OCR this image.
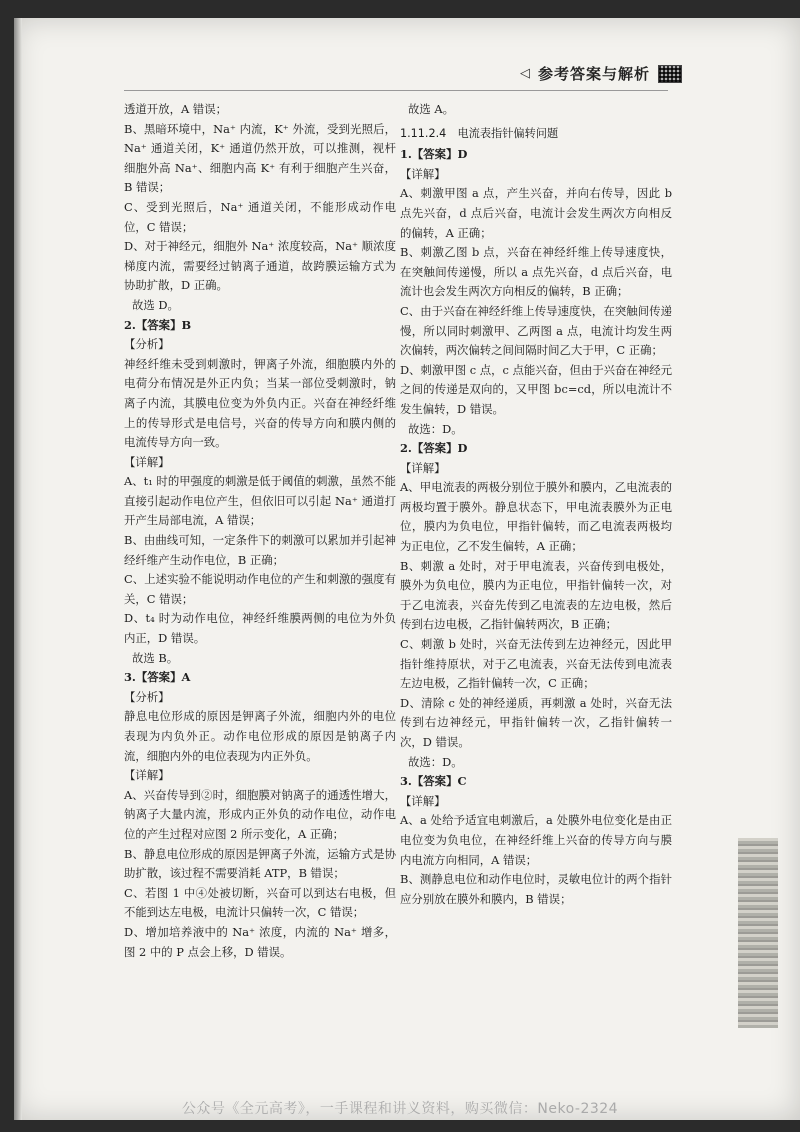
◁ 参考答案与解析

透道开放，A 错误；

B、黑暗环境中，Na⁺ 内流，K⁺ 外流，受到光照后，Na⁺ 通道关闭，K⁺ 通道仍然开放，可以推测，视杆细胞外高 Na⁺、细胞内高 K⁺ 有利于细胞产生兴奋，B 错误；

C、受到光照后，Na⁺ 通道关闭，不能形成动作电位，C 错误；

D、对于神经元，细胞外 Na⁺ 浓度较高，Na⁺ 顺浓度梯度内流，需要经过钠离子通道，故跨膜运输方式为协助扩散，D 正确。

故选 D。

2.【答案】B

【分析】

神经纤维未受到刺激时，钾离子外流，细胞膜内外的电荷分布情况是外正内负；当某一部位受刺激时，钠离子内流，其膜电位变为外负内正。兴奋在神经纤维上的传导形式是电信号，兴奋的传导方向和膜内侧的电流传导方向一致。

【详解】

A、t₁ 时的甲强度的刺激是低于阈值的刺激，虽然不能直接引起动作电位产生，但依旧可以引起 Na⁺ 通道打开产生局部电流，A 错误；

B、由曲线可知，一定条件下的刺激可以累加并引起神经纤维产生动作电位，B 正确；

C、上述实验不能说明动作电位的产生和刺激的强度有关，C 错误；

D、t₄ 时为动作电位，神经纤维膜两侧的电位为外负内正，D 错误。

故选 B。

3.【答案】A

【分析】

静息电位形成的原因是钾离子外流，细胞内外的电位表现为内负外正。动作电位形成的原因是钠离子内流，细胞内外的电位表现为内正外负。

【详解】

A、兴奋传导到②时，细胞膜对钠离子的通透性增大，钠离子大量内流，形成内正外负的动作电位，动作电位的产生过程对应图 2 所示变化，A 正确；

B、静息电位形成的原因是钾离子外流，运输方式是协助扩散，该过程不需要消耗 ATP，B 错误；

C、若图 1 中④处被切断，兴奋可以到达右电极，但不能到达左电极，电流计只偏转一次，C 错误；

D、增加培养液中的 Na⁺ 浓度，内流的 Na⁺ 增多，图 2 中的 P 点会上移，D 错误。

故选 A。

1.11.2.4　电流表指针偏转问题

1.【答案】D

【详解】

A、刺激甲图 a 点，产生兴奋，并向右传导，因此 b 点先兴奋，d 点后兴奋，电流计会发生两次方向相反的偏转，A 正确；

B、刺激乙图 b 点，兴奋在神经纤维上传导速度快，在突触间传递慢，所以 a 点先兴奋，d 点后兴奋，电流计也会发生两次方向相反的偏转，B 正确；

C、由于兴奋在神经纤维上传导速度快，在突触间传递慢，所以同时刺激甲、乙两图 a 点，电流计均发生两次偏转，两次偏转之间间隔时间乙大于甲，C 正确；

D、刺激甲图 c 点，c 点能兴奋，但由于兴奋在神经元之间的传递是双向的，又甲图 bc=cd，所以电流计不发生偏转，D 错误。

故选：D。

2.【答案】D

【详解】

A、甲电流表的两极分别位于膜外和膜内，乙电流表的两极均置于膜外。静息状态下，甲电流表膜外为正电位，膜内为负电位，甲指针偏转，而乙电流表两极均为正电位，乙不发生偏转，A 正确；

B、刺激 a 处时，对于甲电流表，兴奋传到电极处，膜外为负电位，膜内为正电位，甲指针偏转一次，对于乙电流表，兴奋先传到乙电流表的左边电极，然后传到右边电极，乙指针偏转两次，B 正确；

C、刺激 b 处时，兴奋无法传到左边神经元，因此甲指针维持原状，对于乙电流表，兴奋无法传到电流表左边电极，乙指针偏转一次，C 正确；

D、清除 c 处的神经递质，再刺激 a 处时，兴奋无法传到右边神经元，甲指针偏转一次，乙指针偏转一次，D 错误。

故选：D。

3.【答案】C

【详解】

A、a 处给予适宜电刺激后，a 处膜外电位变化是由正电位变为负电位，在神经纤维上兴奋的传导方向与膜内电流方向相同，A 错误；

B、测静息电位和动作电位时，灵敏电位计的两个指针应分别放在膜外和膜内，B 错误；

公众号《全元高考》，一手课程和讲义资料，购买微信：Neko-2324
